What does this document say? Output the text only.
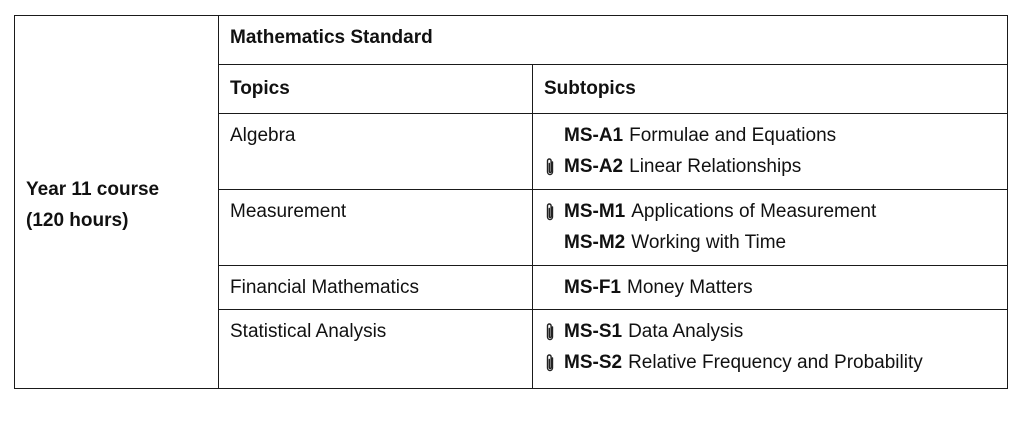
Year 11 course
(120 hours)	Mathematics Standard	
	Topics	Subtopics
	Algebra	MS-A1 Formulae and Equations
MS-A2 Linear Relationships

	Measurement	MS-M1 Applications of Measurement
MS-M2 Working with Time

	Financial Mathematics	MS-F1 Money Matters

	Statistical Analysis	MS-S1 Data Analysis
MS-S2 Relative Frequency and Probability
